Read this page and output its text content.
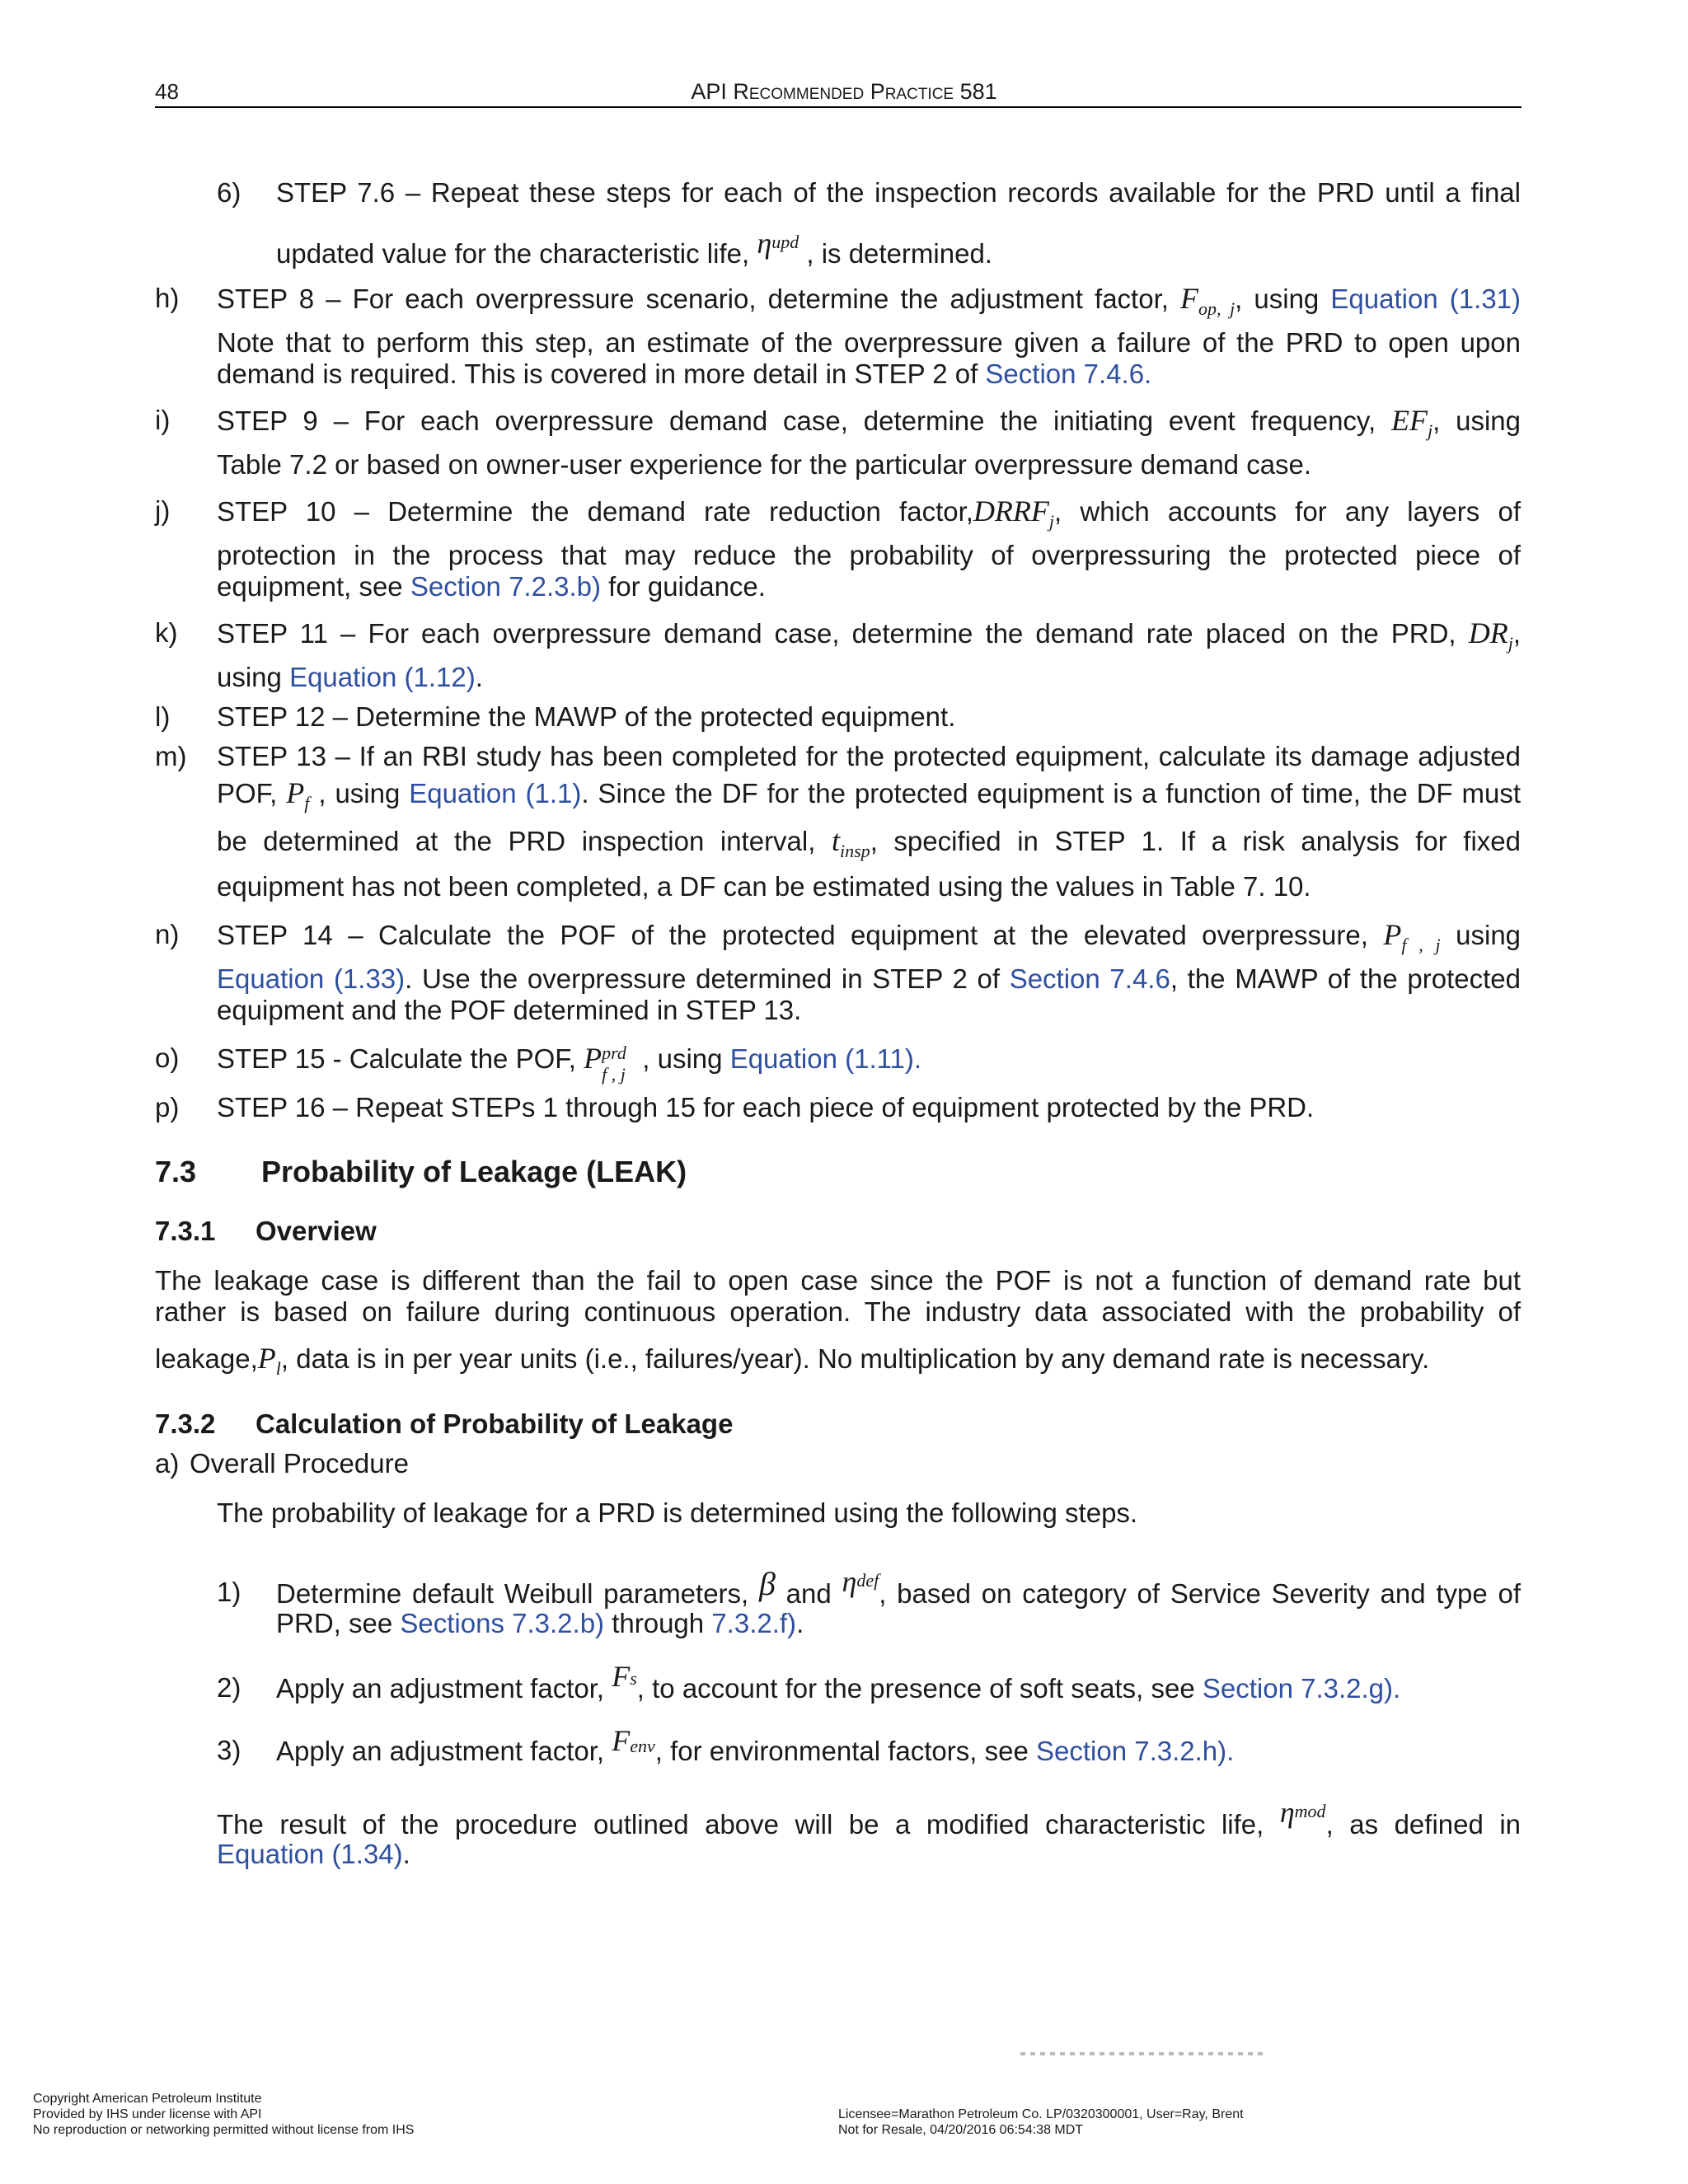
48	API Recommended Practice 581
6) STEP 7.6 – Repeat these steps for each of the inspection records available for the PRD until a final
updated value for the characteristic life, $\eta_{upd}$ , is determined.
h) STEP 8 – For each overpressure scenario, determine the adjustment factor, $F_{op, j}$, using Equation (1.31)
Note that to perform this step, an estimate of the overpressure given a failure of the PRD to open upon
demand is required. This is covered in more detail in STEP 2 of Section 7.4.6.
i) STEP 9 – For each overpressure demand case, determine the initiating event frequency, $EF_j$, using
Table 7.2 or based on owner-user experience for the particular overpressure demand case.
j) STEP 10 – Determine the demand rate reduction $factor,DRRF_j$, which accounts for any layers of
protection in the process that may reduce the probability of overpressuring the protected piece of
equipment, see Section 7.2.3.b) for guidance.
k) STEP 11 – For each overpressure demand case, determine the demand rate placed on the PRD, $DR_j$,
using Equation (1.12).
l) STEP 12 – Determine the MAWP of the protected equipment.
m) STEP 13 – If an RBI study has been completed for the protected equipment, calculate its damage adjusted
POF, $P_f$ , using Equation (1.1). Since the DF for the protected equipment is a function of time, the DF must
be determined at the PRD inspection interval, $t_{insp}$, specified in STEP 1. If a risk analysis for fixed
equipment has not been completed, a DF can be estimated using the values in Table 7. 10.
n) STEP 14 – Calculate the POF of the protected equipment at the elevated overpressure, $P_{f , j}$ using
Equation (1.33). Use the overpressure determined in STEP 2 of Section 7.4.6, the MAWP of the protected
equipment and the POF determined in STEP 13.
o) STEP 15 - Calculate the POF, P prd
f , j
, using Equation (1.11).
p) STEP 16 – Repeat STEPs 1 through 15 for each piece of equipment protected by the PRD.
7.3 Probability of Leakage (LEAK)
7.3.1 Overview
The leakage case is different than the fail to open case since the POF is not a function of demand rate but
rather is based on failure during continuous operation. The industry data associated with the probability of
$leakage,P_l$, data is in per year units (i.e., failures/year). No multiplication by any demand rate is necessary.
7.3.2 Calculation of Probability of Leakage
a) Overall Procedure
The probability of leakage for a PRD is determined using the following steps.
1) Determine default Weibull parameters, β and $\eta_{def}$, based on category of Service Severity and type of
PRD, see Sections 7.3.2.b) through 7.3.2.f).
2) Apply an adjustment factor, $F_s$, to account for the presence of soft seats, see Section 7.3.2.g).
3) Apply an adjustment factor, $F_{env}$, for environmental factors, see Section 7.3.2.h).
The result of the procedure outlined above will be a modified characteristic life, $\eta_{mod}$, as defined in
Equation (1.34).
Copyright American Petroleum Institute
Provided by IHS under license with API
No reproduction or networking permitted without license from IHS
Licensee=Marathon Petroleum Co. LP/0320300001, User=Ray, Brent
Not for Resale, 04/20/2016 06:54:38 MDT
